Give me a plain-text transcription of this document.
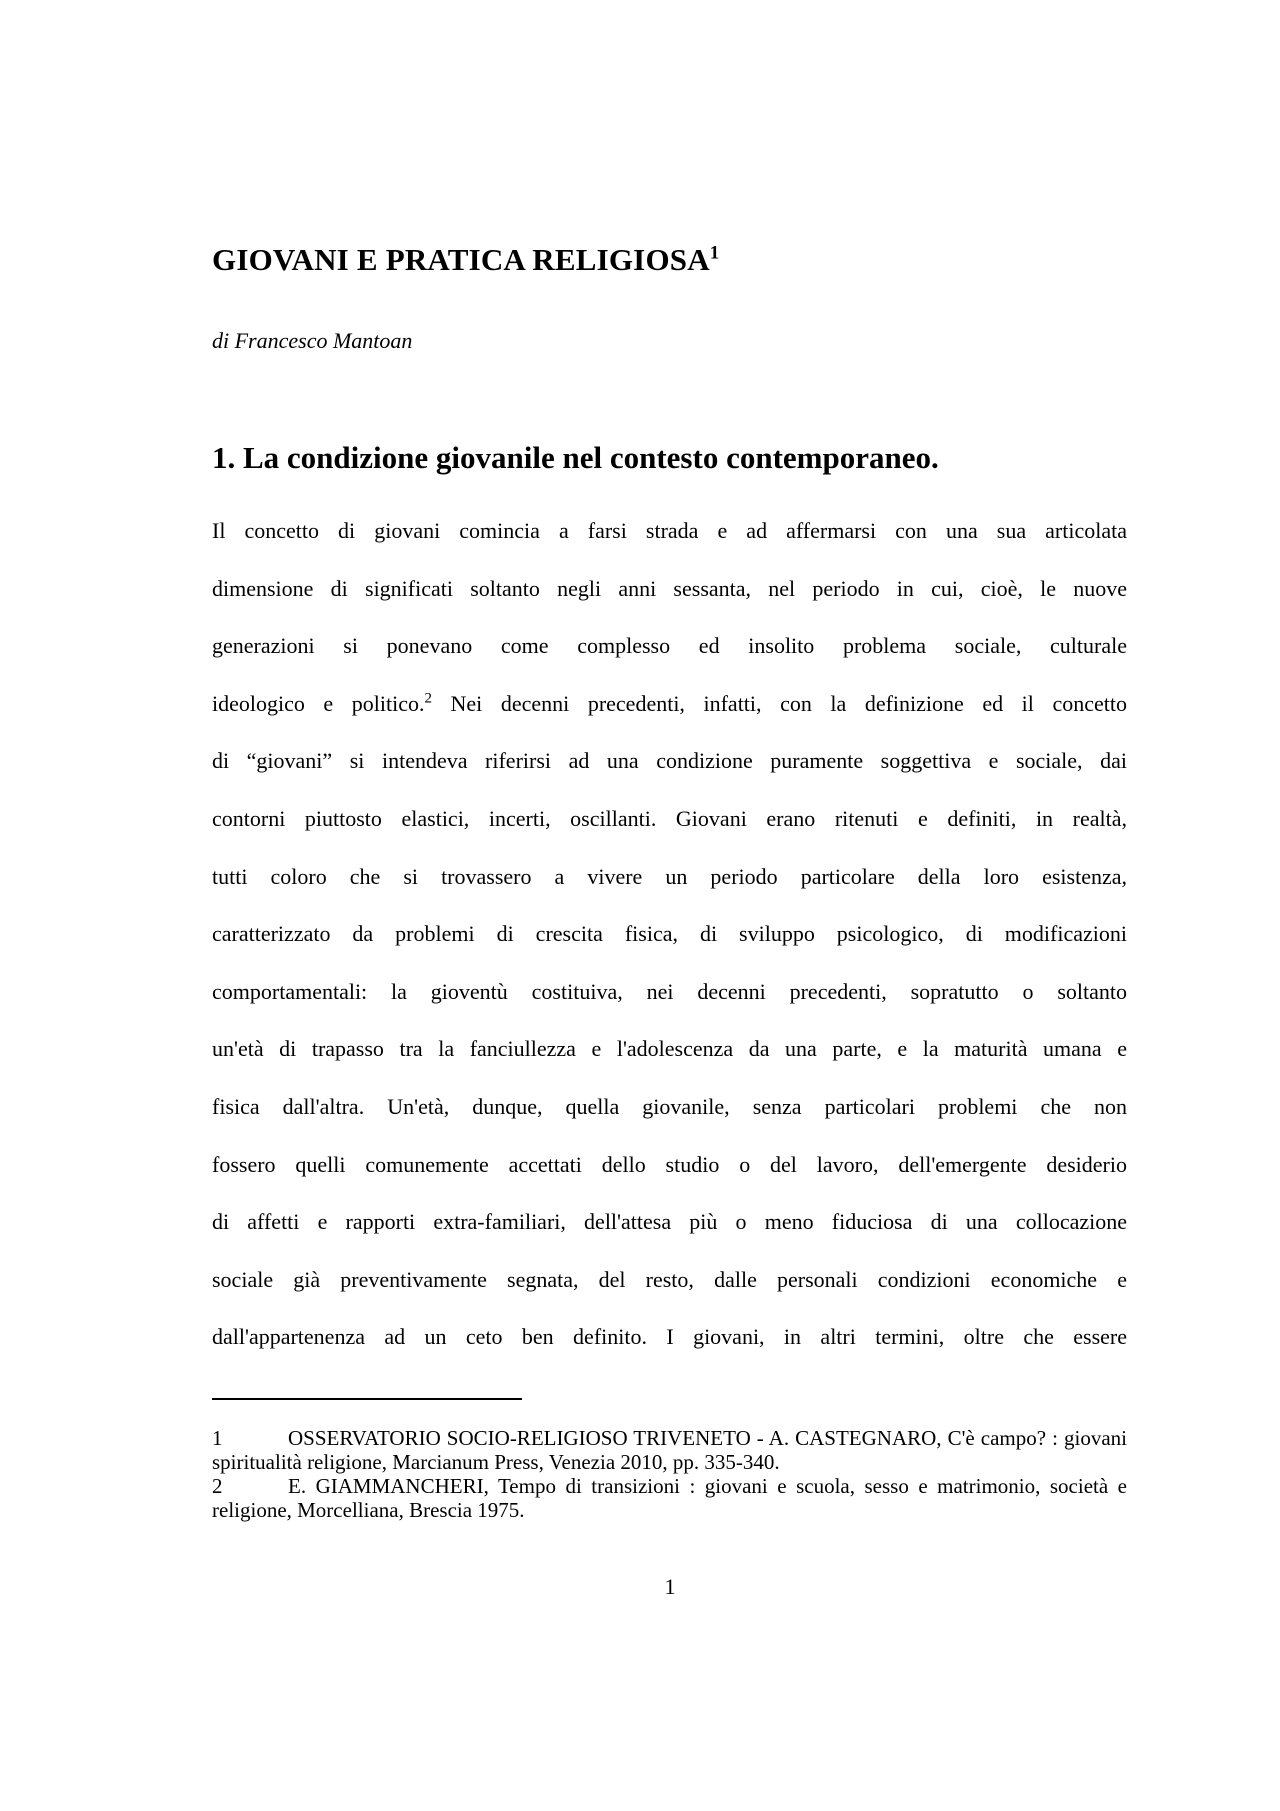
GIOVANI E PRATICA RELIGIOSA$^1$

di Francesco Mantoan

1. La condizione giovanile nel contesto contemporaneo.
Il concetto di giovani comincia a farsi strada e ad affermarsi con una sua articolata
dimensione di significati soltanto negli anni sessanta, nel periodo in cui, cioè, le nuove
generazioni si ponevano come complesso ed insolito problema sociale, culturale
ideologico e politico.$^2$ Nei decenni precedenti, infatti, con la definizione ed il concetto
di “giovani” si intendeva riferirsi ad una condizione puramente soggettiva e sociale, dai
contorni piuttosto elastici, incerti, oscillanti. Giovani erano ritenuti e definiti, in realtà,
tutti coloro che si trovassero a vivere un periodo particolare della loro esistenza,
caratterizzato da problemi di crescita fisica, di sviluppo psicologico, di modificazioni
comportamentali: la gioventù costituiva, nei decenni precedenti, sopratutto o soltanto
un'età di trapasso tra la fanciullezza e l'adolescenza da una parte, e la maturità umana e
fisica dall'altra. Un'età, dunque, quella giovanile, senza particolari problemi che non
fossero quelli comunemente accettati dello studio o del lavoro, dell'emergente desiderio
di affetti e rapporti extra-familiari, dell'attesa più o meno fiduciosa di una collocazione
sociale già preventivamente segnata, del resto, dalle personali condizioni economiche e
dall'appartenenza ad un ceto ben definito. I giovani, in altri termini, oltre che essere

1	OSSERVATORIO SOCIO-RELIGIOSO TRIVENETO - A. CASTEGNARO, C'è campo? : giovani spiritualità religione, Marcianum Press, Venezia 2010, pp. 335-340.

2	E. GIAMMANCHERI, Tempo di transizioni : giovani e scuola, sesso e matrimonio, società e religione, Morcelliana, Brescia 1975.

1
